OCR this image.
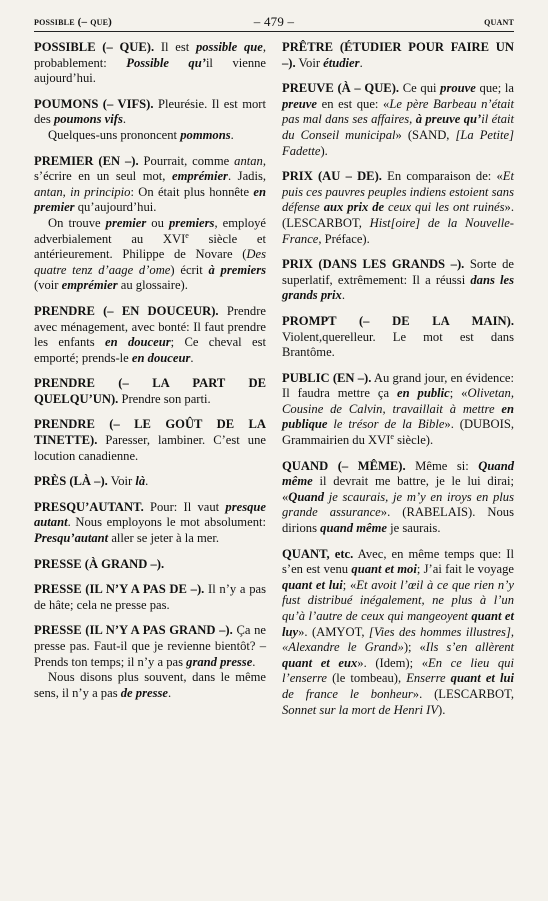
possible (– que)	– 479 –	quant

POSSIBLE (– QUE). Il est possible que, probablement: Possible qu’il vienne aujourd’hui.

POUMONS (– VIFS). Pleurésie. Il est mort des poumons vifs.

Quelques-uns prononcent pommons.

PREMIER (EN –). Pourrait, comme antan, s’écrire en un seul mot, emprémier. Jadis, antan, in principio: On était plus honnête en premier qu’aujourd’hui.

On trouve premier ou premiers, employé adverbialement au XVIe siècle et antérieurement. Philippe de Novare (Des quatre tenz d’aage d’ome) écrit à premiers (voir emprémier au glossaire).

PRENDRE (– EN DOUCEUR). Prendre avec ménagement, avec bonté: Il faut prendre les enfants en douceur; Ce cheval est emporté; prends-le en douceur.

PRENDRE (– LA PART DE QUELQU’UN). Prendre son parti.

PRENDRE (– LE GOÛT DE LA TINETTE). Paresser, lambiner. C’est une locution canadienne.

PRÈS (LÀ –). Voir là.

PRESQU’AUTANT. Pour: Il vaut presque autant. Nous employons le mot absolument: Presqu’autant aller se jeter à la mer.

PRESSE (À GRAND –).

PRESSE (IL N’Y A PAS DE –). Il n’y a pas de hâte; cela ne presse pas.

PRESSE (IL N’Y A PAS GRAND –). Ça ne presse pas. Faut-il que je revienne bientôt? – Prends ton temps; il n’y a pas grand presse.

Nous disons plus souvent, dans le même sens, il n’y a pas de presse.

PRÊTRE (ÉTUDIER POUR FAIRE UN –). Voir étudier.

PREUVE (À – QUE). Ce qui prouve que; la preuve en est que: «Le père Barbeau n’était pas mal dans ses affaires, à preuve qu’il était du Conseil municipal» (SAND, [La Petite] Fadette).

PRIX (AU – DE). En comparaison de: «Et puis ces pauvres peuples indiens estoient sans défense aux prix de ceux qui les ont ruinés». (LESCARBOT, Hist[oire] de la Nouvelle-France, Préface).

PRIX (DANS LES GRANDS –). Sorte de superlatif, extrêmement: Il a réussi dans les grands prix.

PROMPT (– DE LA MAIN). Violent,querelleur. Le mot est dans Brantôme.

PUBLIC (EN –). Au grand jour, en évidence: Il faudra mettre ça en public; «Olivetan, Cousine de Calvin, travaillait à mettre en publique le trésor de la Bible». (DUBOIS, Grammairien du XVIe siècle).

QUAND (– MÊME). Même si: Quand même il devrait me battre, je le lui dirai; «Quand je scaurais, je m’y en iroys en plus grande assurance». (RABELAIS). Nous dirions quand même je saurais.

QUANT, etc. Avec, en même temps que: Il s’en est venu quant et moi; J’ai fait le voyage quant et lui; «Et avoit l’œil à ce que rien n’y fust distribué inégalement, ne plus à l’un qu’à l’autre de ceux qui mangeoyent quant et luy». (AMYOT, [Vies des hommes illustres], «Alexandre le Grand»); «Ils s’en allèrent quant et eux». (Idem); «En ce lieu qui l’enserre (le tombeau), Enserre quant et lui de france le bonheur». (LESCARBOT, Sonnet sur la mort de Henri IV).
